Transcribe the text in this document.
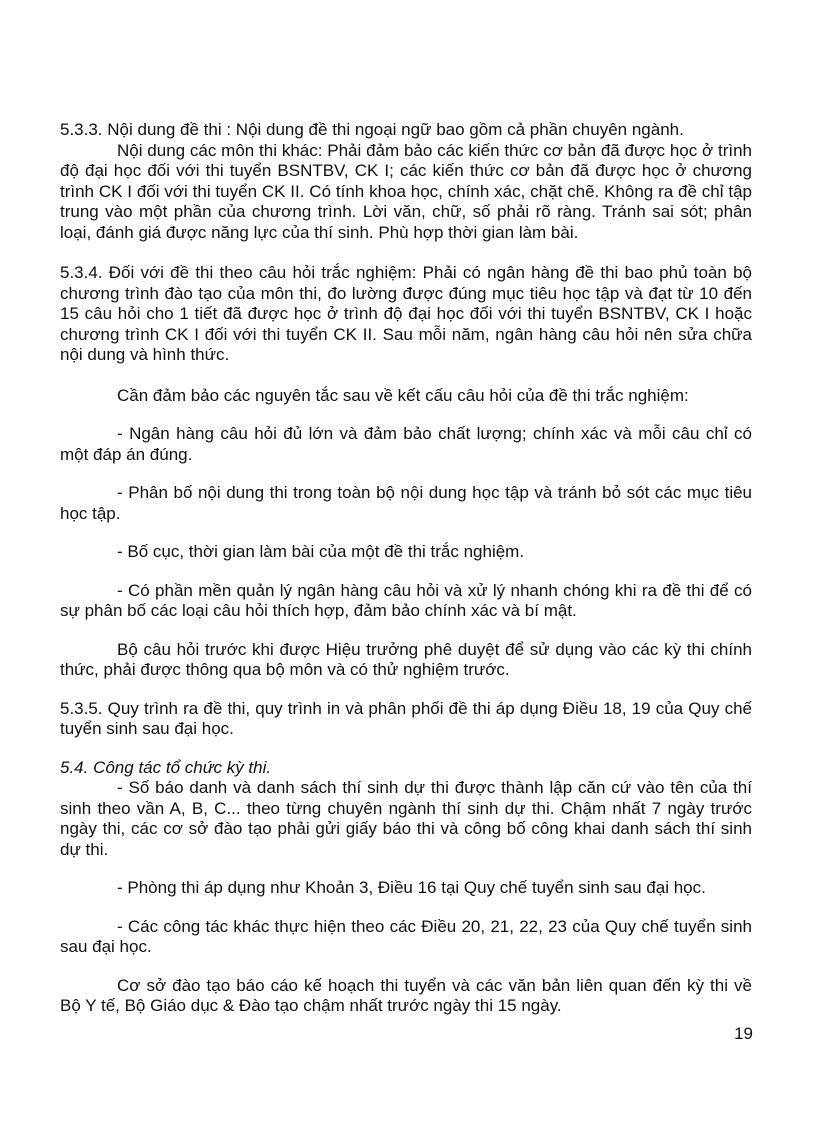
5.3.3. Nội dung đề thi : Nội dung đề thi ngoại ngữ bao gồm cả phần chuyên ngành.

Nội dung các môn thi khác: Phải đảm bảo các kiến thức cơ bản đã được học ở trình độ đại học đối với thi tuyển BSNTBV, CK I; các kiến thức cơ bản đã được học ở chương trình CK I đối với thi tuyển CK II. Có tính khoa học, chính xác, chặt chẽ. Không ra đề chỉ tập trung vào một phần của chương trình. Lời văn, chữ, số phải rõ ràng. Tránh sai sót; phân loại, đánh giá được năng lực của thí sinh. Phù hợp thời gian làm bài.

5.3.4. Đối với đề thi theo câu hỏi trắc nghiệm: Phải có ngân hàng đề thi bao phủ toàn bộ chương trình đào tạo của môn thi, đo lường được đúng mục tiêu học tập và đạt từ 10 đến 15 câu hỏi cho 1 tiết đã được học ở trình độ đại học đối với thi tuyển BSNTBV, CK I hoặc chương trình CK I đối với thi tuyển CK II. Sau mỗi năm, ngân hàng câu hỏi nên sửa chữa nội dung và hình thức.

Cần đảm bảo các nguyên tắc sau về kết cấu câu hỏi của đề thi trắc nghiệm:

- Ngân hàng câu hỏi đủ lớn và đảm bảo chất lượng; chính xác và mỗi câu chỉ có một đáp án đúng.

- Phân bố nội dung thi trong toàn bộ nội dung học tập và tránh bỏ sót các mục tiêu học tập.

- Bố cục, thời gian làm bài của một đề thi trắc nghiệm.

- Có phần mền quản lý ngân hàng câu hỏi và xử lý nhanh chóng khi ra đề thi để có sự phân bố các loại câu hỏi thích hợp, đảm bảo chính xác và bí mật.

Bộ câu hỏi trước khi được Hiệu trưởng phê duyệt để sử dụng vào các kỳ thi chính thức, phải được thông qua bộ môn và có thử nghiệm trước.

5.3.5. Quy trình ra đề thi, quy trình in và phân phối đề thi áp dụng Điều 18, 19 của Quy chế tuyển sinh sau đại học.

5.4. Công tác tổ chức kỳ thi.

- Số báo danh và danh sách thí sinh dự thi được thành lập căn cứ vào tên của thí sinh theo vần A, B, C... theo từng chuyên ngành thí sinh dự thi. Chậm nhất 7 ngày trước ngày thi, các cơ sở đào tạo phải gửi giấy báo thi và công bố công khai danh sách thí sinh dự thi.

- Phòng thi áp dụng như Khoản 3, Điều 16 tại Quy chế tuyển sinh sau đại học.

- Các công tác khác thực hiện theo các Điều 20, 21, 22, 23 của Quy chế tuyển sinh sau đại học.

Cơ sở đào tạo báo cáo kế hoạch thi tuyển và các văn bản liên quan đến kỳ thi về Bộ Y tế, Bộ Giáo dục & Đào tạo chậm nhất trước ngày thi 15 ngày.

19
